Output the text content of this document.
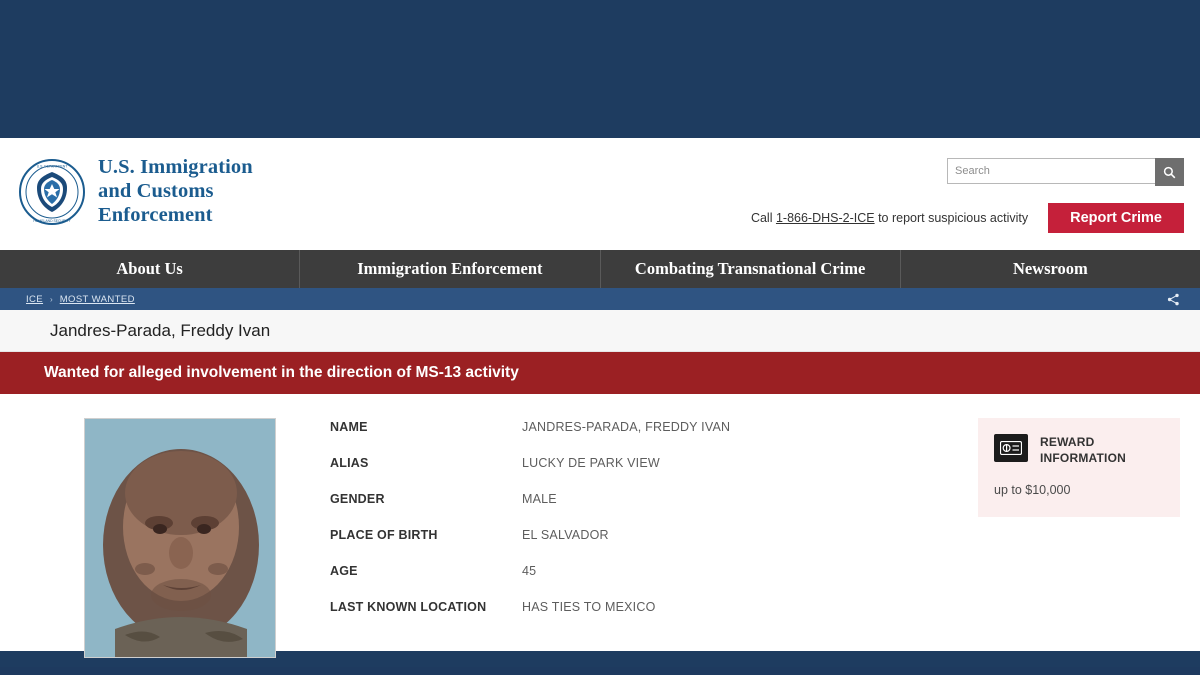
U.S. DEPARTMENT
HOMELAND SECURITY
U.S. Immigration
and Customs
Enforcement
Search	Call 1-866-DHS-2-ICE to report suspicious activity	Report Crime
About Us	Immigration Enforcement	Combating Transnational Crime	Newsroom
ICE › MOST WANTED
Jandres-Parada, Freddy Ivan
Wanted for alleged involvement in the direction of MS-13 activity
NAME	JANDRES-PARADA, FREDDY IVAN
ALIAS	LUCKY DE PARK VIEW
GENDER	MALE
PLACE OF BIRTH	EL SALVADOR
AGE	45
LAST KNOWN LOCATION	HAS TIES TO MEXICO
REWARD INFORMATION
up to $10,000
